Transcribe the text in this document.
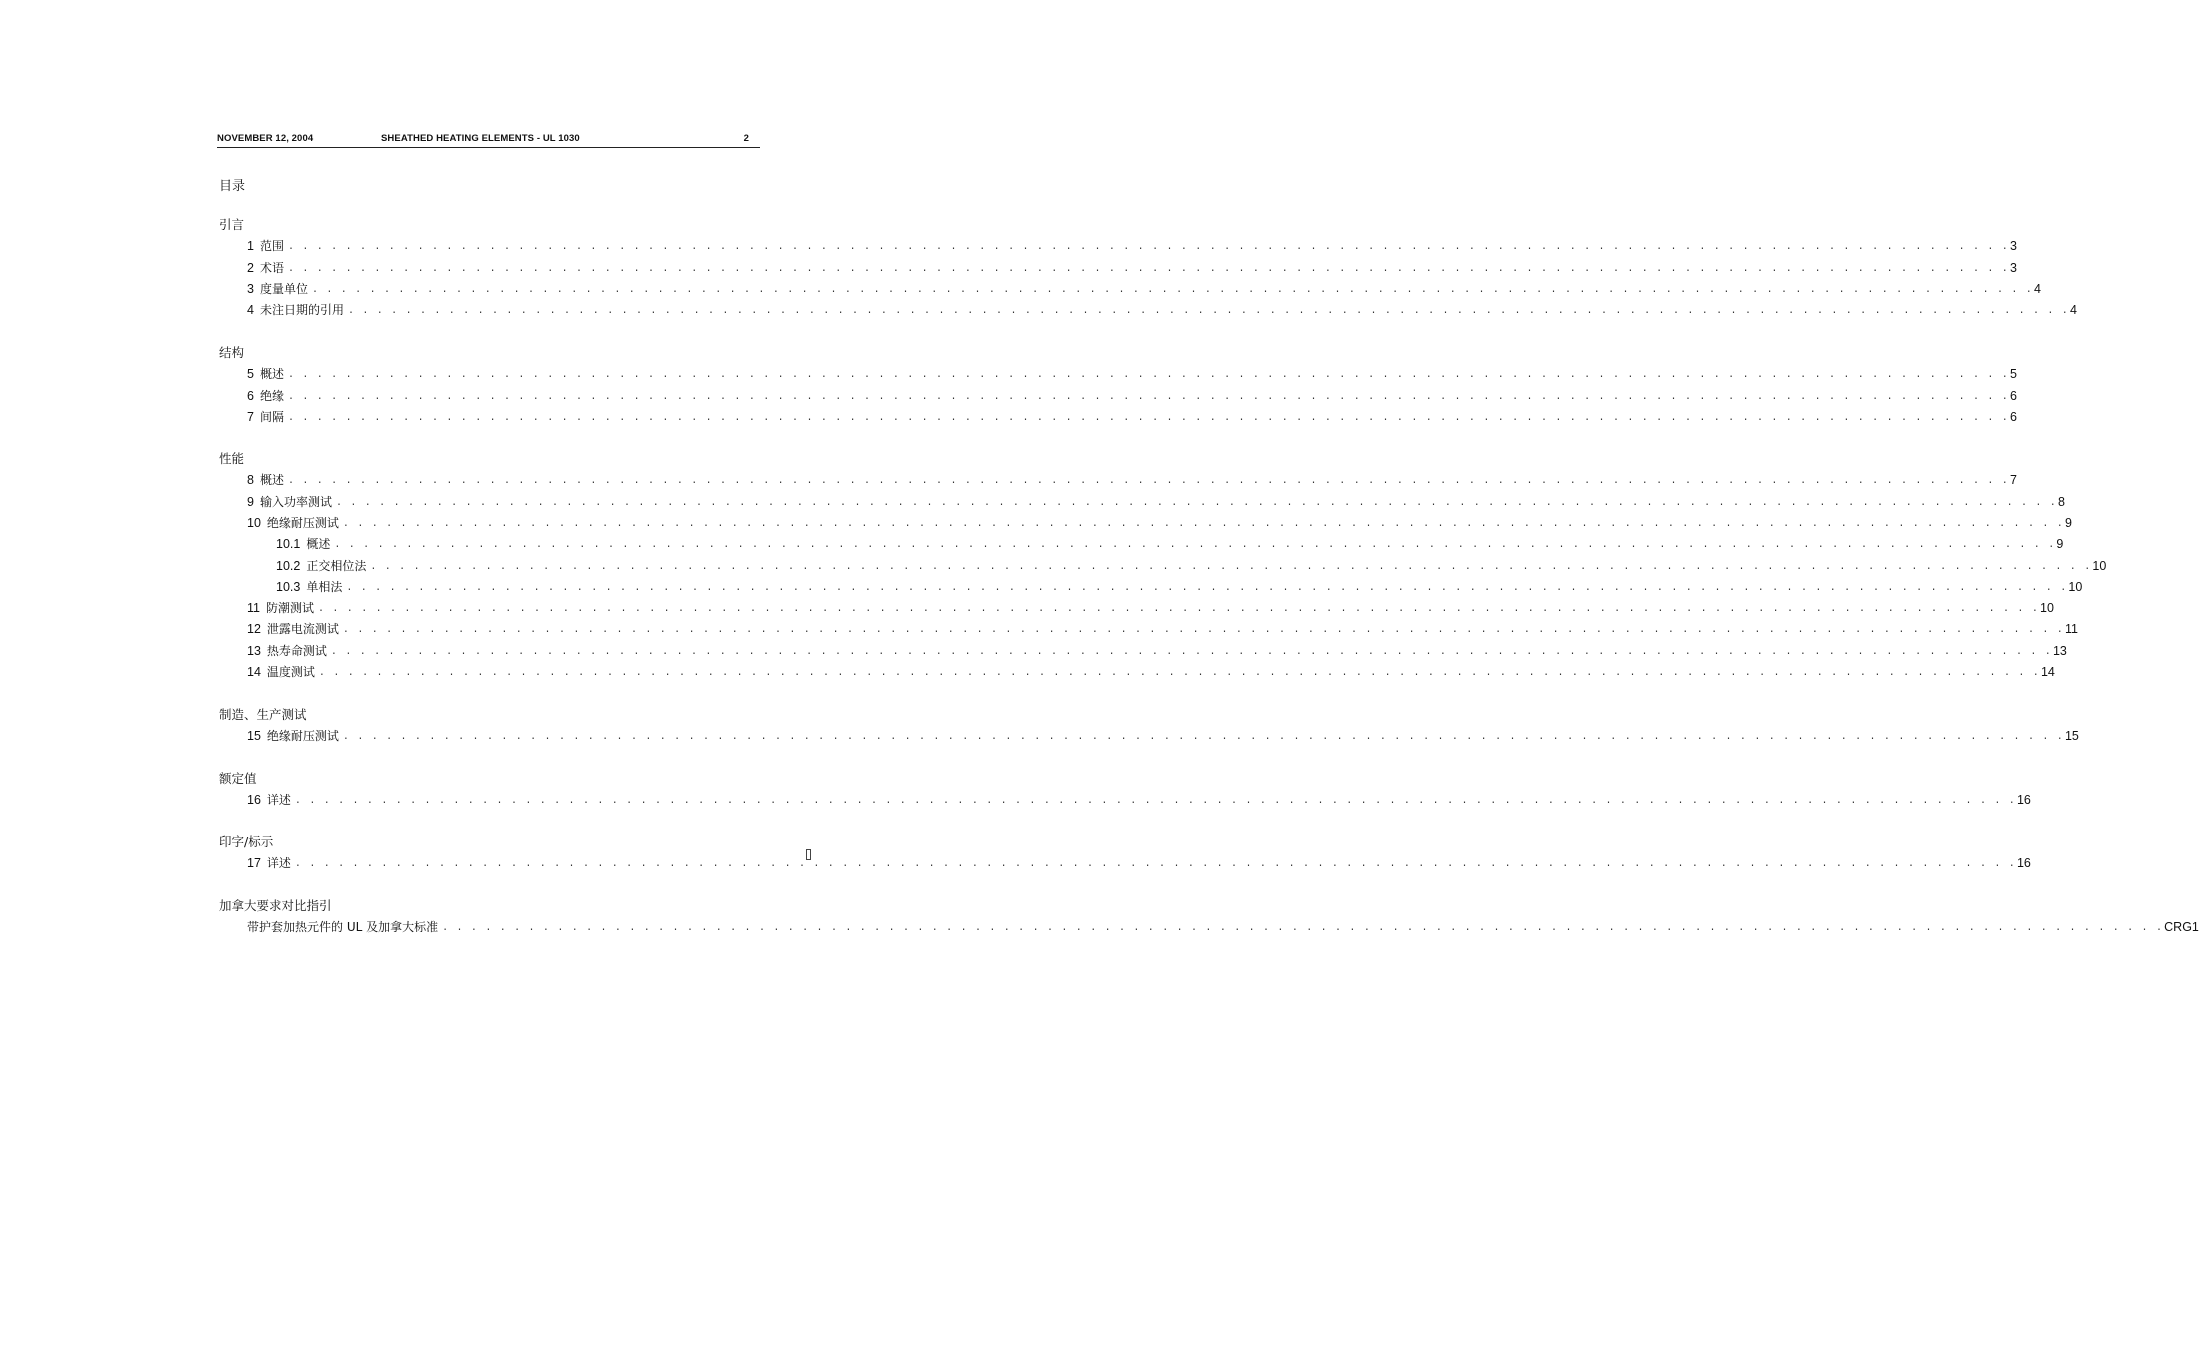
NOVEMBER 12, 2004	SHEATHED HEATING ELEMENTS - UL 1030	2
目录
引言
1 范围 . . . . . . . . . . . . . . . . . . . . . . . . . . . . . . . . . . . . . . . . . . . . . . . . . . . . . . . . . . . . . . . . . . . . . . . . . . . . . . . . . . . . . . . . . . . . . . . . . . . . . . . . . . . . . . . . . . . . . . . . 3
2 术语 . . . . . . . . . . . . . . . . . . . . . . . . . . . . . . . . . . . . . . . . . . . . . . . . . . . . . . . . . . . . . . . . . . . . . . . . . . . . . . . . . . . . . . . . . . . . . . . . . . . . . . . . . . . . . . . . . . . . . . . . 3
3 度量单位 . . . . . . . . . . . . . . . . . . . . . . . . . . . . . . . . . . . . . . . . . . . . . . . . . . . . . . . . . . . . . . . . . . . . . . . . . . . . . . . . . . . . . . . . . . . . . . . . . . . . . . . . . . . . . . . . . . . . . . . . 4
4 未注日期的引用 . . . . . . . . . . . . . . . . . . . . . . . . . . . . . . . . . . . . . . . . . . . . . . . . . . . . . . . . . . . . . . . . . . . . . . . . . . . . . . . . . . . . . . . . . . . . . . . . . . . . . . . . . . . . . . . . . . . . . . . . 4
结构
5 概述 . . . . . . . . . . . . . . . . . . . . . . . . . . . . . . . . . . . . . . . . . . . . . . . . . . . . . . . . . . . . . . . . . . . . . . . . . . . . . . . . . . . . . . . . . . . . . . . . . . . . . . . . . . . . . . . . . . . . . . . . 5
6 绝缘 . . . . . . . . . . . . . . . . . . . . . . . . . . . . . . . . . . . . . . . . . . . . . . . . . . . . . . . . . . . . . . . . . . . . . . . . . . . . . . . . . . . . . . . . . . . . . . . . . . . . . . . . . . . . . . . . . . . . . . . . 6
7 间隔 . . . . . . . . . . . . . . . . . . . . . . . . . . . . . . . . . . . . . . . . . . . . . . . . . . . . . . . . . . . . . . . . . . . . . . . . . . . . . . . . . . . . . . . . . . . . . . . . . . . . . . . . . . . . . . . . . . . . . . . . 6
性能
8 概述 . . . . . . . . . . . . . . . . . . . . . . . . . . . . . . . . . . . . . . . . . . . . . . . . . . . . . . . . . . . . . . . . . . . . . . . . . . . . . . . . . . . . . . . . . . . . . . . . . . . . . . . . . . . . . . . . . . . . . . . . 7
9 输入功率测试 . . . . . . . . . . . . . . . . . . . . . . . . . . . . . . . . . . . . . . . . . . . . . . . . . . . . . . . . . . . . . . . . . . . . . . . . . . . . . . . . . . . . . . . . . . . . . . . . . . . . . . . . . . . . . . . . . . . . . . . . 8
10 绝缘耐压测试 . . . . . . . . . . . . . . . . . . . . . . . . . . . . . . . . . . . . . . . . . . . . . . . . . . . . . . . . . . . . . . . . . . . . . . . . . . . . . . . . . . . . . . . . . . . . . . . . . . . . . . . . . . . . . . . . . . . . . . . . 9
10.1 概述 . . . . . . . . . . . . . . . . . . . . . . . . . . . . . . . . . . . . . . . . . . . . . . . . . . . . . . . . . . . . . . . . . . . . . . . . . . . . . . . . . . . . . . . . . . . . . . . . . . . . . . . . . . . . . . . . . . . . . . . . 9
10.2 正交相位法 . . . . . . . . . . . . . . . . . . . . . . . . . . . . . . . . . . . . . . . . . . . . . . . . . . . . . . . . . . . . . . . . . . . . . . . . . . . . . . . . . . . . . . . . . . . . . . . . . . . . . . . . . . . . . . . . . . . . . . . . 10
10.3 单相法 . . . . . . . . . . . . . . . . . . . . . . . . . . . . . . . . . . . . . . . . . . . . . . . . . . . . . . . . . . . . . . . . . . . . . . . . . . . . . . . . . . . . . . . . . . . . . . . . . . . . . . . . . . . . . . . . . . . . . . . . 10
11 防潮测试 . . . . . . . . . . . . . . . . . . . . . . . . . . . . . . . . . . . . . . . . . . . . . . . . . . . . . . . . . . . . . . . . . . . . . . . . . . . . . . . . . . . . . . . . . . . . . . . . . . . . . . . . . . . . . . . . . . . . . . . . 10
12 泄露电流测试 . . . . . . . . . . . . . . . . . . . . . . . . . . . . . . . . . . . . . . . . . . . . . . . . . . . . . . . . . . . . . . . . . . . . . . . . . . . . . . . . . . . . . . . . . . . . . . . . . . . . . . . . . . . . . . . . . . . . . . . . 11
13 热寿命测试 . . . . . . . . . . . . . . . . . . . . . . . . . . . . . . . . . . . . . . . . . . . . . . . . . . . . . . . . . . . . . . . . . . . . . . . . . . . . . . . . . . . . . . . . . . . . . . . . . . . . . . . . . . . . . . . . . . . . . . . . 13
14 温度测试 . . . . . . . . . . . . . . . . . . . . . . . . . . . . . . . . . . . . . . . . . . . . . . . . . . . . . . . . . . . . . . . . . . . . . . . . . . . . . . . . . . . . . . . . . . . . . . . . . . . . . . . . . . . . . . . . . . . . . . . . 14
制造、生产测试
15 绝缘耐压测试 . . . . . . . . . . . . . . . . . . . . . . . . . . . . . . . . . . . . . . . . . . . . . . . . . . . . . . . . . . . . . . . . . . . . . . . . . . . . . . . . . . . . . . . . . . . . . . . . . . . . . . . . . . . . . . . . . . . . . . . . 15
额定值
16 详述 . . . . . . . . . . . . . . . . . . . . . . . . . . . . . . . . . . . . . . . . . . . . . . . . . . . . . . . . . . . . . . . . . . . . . . . . . . . . . . . . . . . . . . . . . . . . . . . . . . . . . . . . . . . . . . . . . . . . . . . . 16
印字/标示
17 详述 . . . . . . . . . . . . . . . . . . . . . . . . . . . . . . . . . . . . . . . . . . . . . . . . . . . . . . . . . . . . . . . . . . . . . . . . . . . . . . . . . . . . . . . . . . . . . . . . . . . . . . . . . . . . . . . . . . . . . . . . 16
加拿大要求对比指引
带护套加热元件的 UL 及加拿大标准 . . . . . . . . . . . . . . . . . . . . . . . . . . . . . . . . . . . . . . . . . . . . . . . . . . . . . . . . . . . . . . . . . . . . . . . . . . . . . . . . . . . . . . . . . . . . . . . . . . . . . . . . . . . . . . . . . . . . . . . . CRG1
